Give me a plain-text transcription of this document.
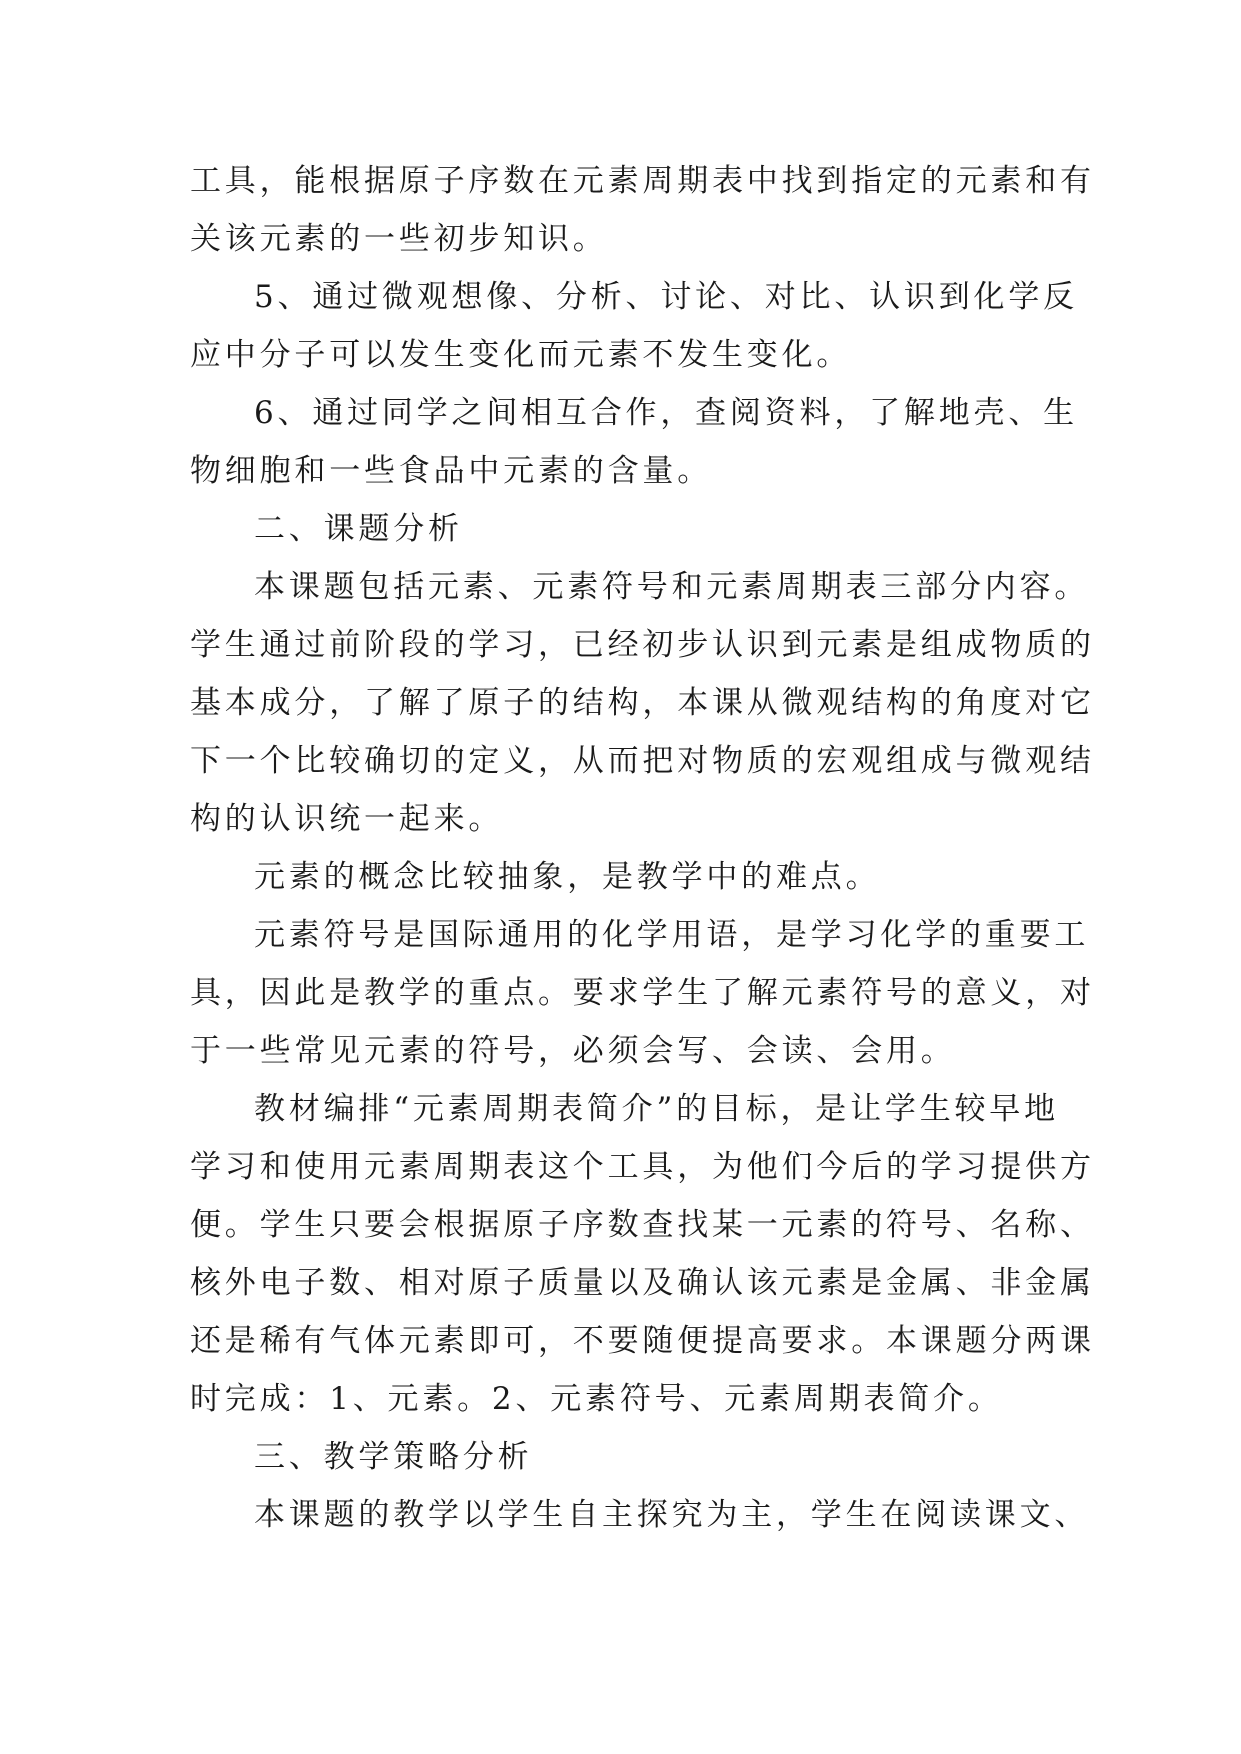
工具，能根据原子序数在元素周期表中找到指定的元素和有
关该元素的一些初步知识。
5、通过微观想像、分析、讨论、对比、认识到化学反
应中分子可以发生变化而元素不发生变化。
6、通过同学之间相互合作，查阅资料，了解地壳、生
物细胞和一些食品中元素的含量。
二、课题分析
本课题包括元素、元素符号和元素周期表三部分内容。
学生通过前阶段的学习，已经初步认识到元素是组成物质的
基本成分，了解了原子的结构，本课从微观结构的角度对它
下一个比较确切的定义，从而把对物质的宏观组成与微观结
构的认识统一起来。
元素的概念比较抽象，是教学中的难点。
元素符号是国际通用的化学用语，是学习化学的重要工
具，因此是教学的重点。要求学生了解元素符号的意义，对
于一些常见元素的符号，必须会写、会读、会用。
教材编排“元素周期表简介”的目标，是让学生较早地
学习和使用元素周期表这个工具，为他们今后的学习提供方
便。学生只要会根据原子序数查找某一元素的符号、名称、
核外电子数、相对原子质量以及确认该元素是金属、非金属
还是稀有气体元素即可，不要随便提高要求。本课题分两课
时完成：1、元素。2、元素符号、元素周期表简介。
三、教学策略分析
本课题的教学以学生自主探究为主，学生在阅读课文、
